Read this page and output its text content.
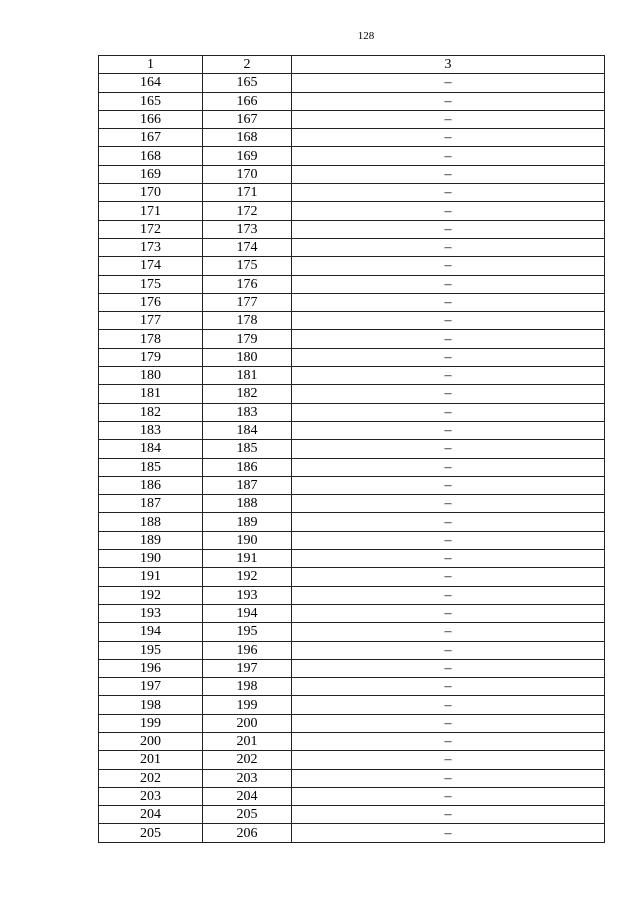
128
1	2	3
164	165	–
165	166	–
166	167	–
167	168	–
168	169	–
169	170	–
170	171	–
171	172	–
172	173	–
173	174	–
174	175	–
175	176	–
176	177	–
177	178	–
178	179	–
179	180	–
180	181	–
181	182	–
182	183	–
183	184	–
184	185	–
185	186	–
186	187	–
187	188	–
188	189	–
189	190	–
190	191	–
191	192	–
192	193	–
193	194	–
194	195	–
195	196	–
196	197	–
197	198	–
198	199	–
199	200	–
200	201	–
201	202	–
202	203	–
203	204	–
204	205	–
205	206	–
